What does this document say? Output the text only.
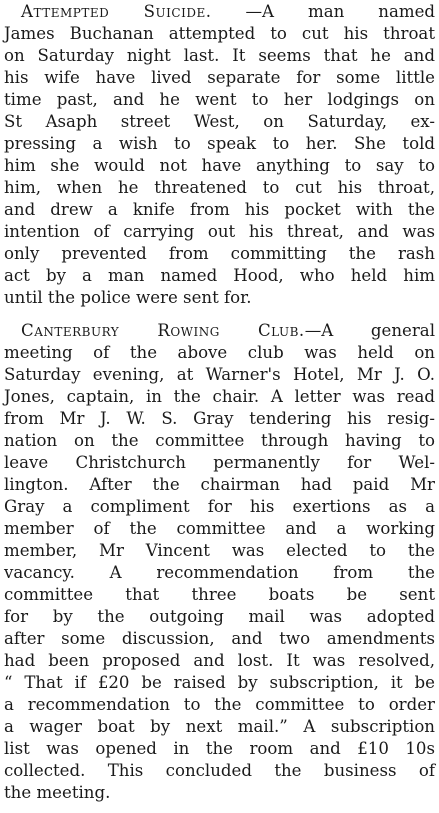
Attempted Suicide. —A man named
James Buchanan attempted to cut his throat
on Saturday night last. It seems that he and
his wife have lived separate for some little
time past, and he went to her lodgings on
St Asaph street West, on Saturday, ex-
pressing a wish to speak to her. She told
him she would not have anything to say to
him, when he threatened to cut his throat,
and drew a knife from his pocket with the
intention of carrying out his threat, and was
only prevented from committing the rash
act by a man named Hood, who held him
until the police were sent for.
Canterbury Rowing Club.—A general
meeting of the above club was held on
Saturday evening, at Warner's Hotel, Mr J. O.
Jones, captain, in the chair. A letter was read
from Mr J. W. S. Gray tendering his resig-
nation on the committee through having to
leave Christchurch permanently for Wel-
lington. After the chairman had paid Mr
Gray a compliment for his exertions as a
member of the committee and a working
member, Mr Vincent was elected to the
vacancy. A recommendation from the
committee that three boats be sent
for by the outgoing mail was adopted
after some discussion, and two amendments
had been proposed and lost. It was resolved,
“ That if £20 be raised by subscription, it be
a recommendation to the committee to order
a wager boat by next mail.” A subscription
list was opened in the room and £10 10s
collected. This concluded the business of
the meeting.
